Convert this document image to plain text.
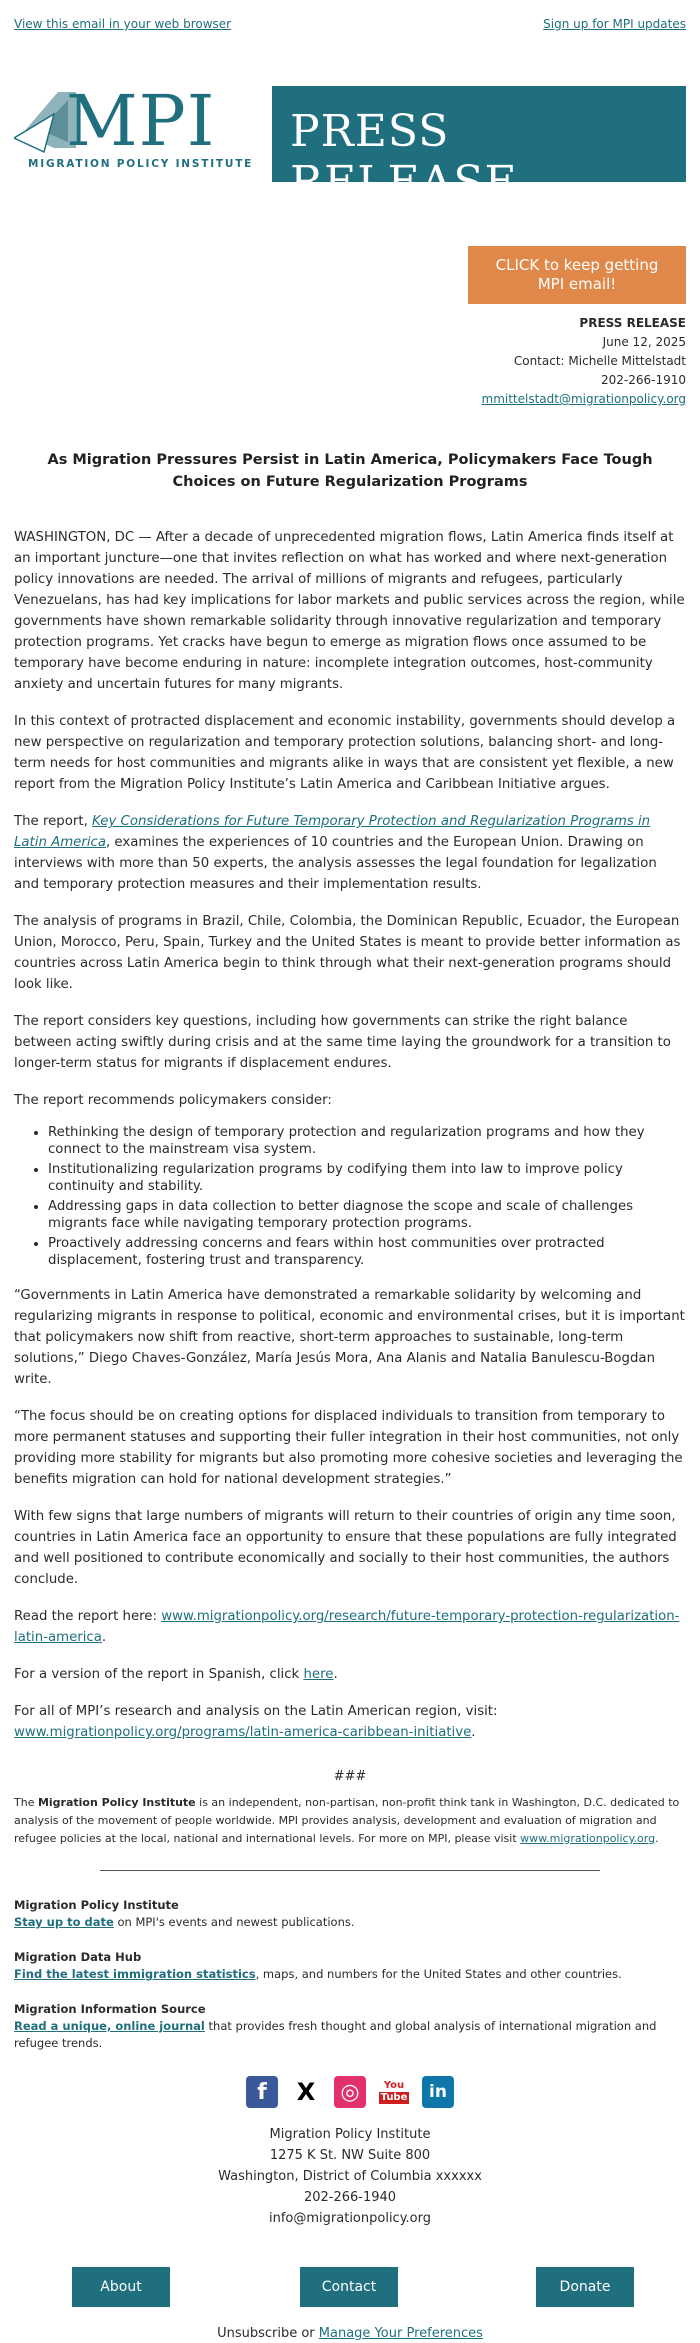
View this email in your web browser	Sign up for MPI updates
MPI
MIGRATION POLICY INSTITUTE
PRESS RELEASE
CLICK to keep getting
MPI email!
PRESS RELEASE
June 12, 2025
Contact: Michelle Mittelstadt
202-266-1910
mmittelstadt@migrationpolicy.org
As Migration Pressures Persist in Latin America, Policymakers Face Tough Choices on Future Regularization Programs

WASHINGTON, DC — After a decade of unprecedented migration flows, Latin America finds itself at an important juncture—one that invites reflection on what has worked and where next-generation policy innovations are needed. The arrival of millions of migrants and refugees, particularly Venezuelans, has had key implications for labor markets and public services across the region, while governments have shown remarkable solidarity through innovative regularization and temporary protection programs. Yet cracks have begun to emerge as migration flows once assumed to be temporary have become enduring in nature: incomplete integration outcomes, host-community anxiety and uncertain futures for many migrants.

In this context of protracted displacement and economic instability, governments should develop a new perspective on regularization and temporary protection solutions, balancing short- and long-term needs for host communities and migrants alike in ways that are consistent yet flexible, a new report from the Migration Policy Institute’s Latin America and Caribbean Initiative argues.

The report, Key Considerations for Future Temporary Protection and Regularization Programs in Latin America, examines the experiences of 10 countries and the European Union. Drawing on interviews with more than 50 experts, the analysis assesses the legal foundation for legalization and temporary protection measures and their implementation results.

The analysis of programs in Brazil, Chile, Colombia, the Dominican Republic, Ecuador, the European Union, Morocco, Peru, Spain, Turkey and the United States is meant to provide better information as countries across Latin America begin to think through what their next-generation programs should look like.

The report considers key questions, including how governments can strike the right balance between acting swiftly during crisis and at the same time laying the groundwork for a transition to longer-term status for migrants if displacement endures.

The report recommends policymakers consider:

• Rethinking the design of temporary protection and regularization programs and how they connect to the mainstream visa system.
• Institutionalizing regularization programs by codifying them into law to improve policy continuity and stability.
• Addressing gaps in data collection to better diagnose the scope and scale of challenges migrants face while navigating temporary protection programs.
• Proactively addressing concerns and fears within host communities over protracted displacement, fostering trust and transparency.

“Governments in Latin America have demonstrated a remarkable solidarity by welcoming and regularizing migrants in response to political, economic and environmental crises, but it is important that policymakers now shift from reactive, short-term approaches to sustainable, long-term solutions,” Diego Chaves-González, María Jesús Mora, Ana Alanis and Natalia Banulescu-Bogdan write.

“The focus should be on creating options for displaced individuals to transition from temporary to more permanent statuses and supporting their fuller integration in their host communities, not only providing more stability for migrants but also promoting more cohesive societies and leveraging the benefits migration can hold for national development strategies.”

With few signs that large numbers of migrants will return to their countries of origin any time soon, countries in Latin America face an opportunity to ensure that these populations are fully integrated and well positioned to contribute economically and socially to their host communities, the authors conclude.

Read the report here: www.migrationpolicy.org/research/future-temporary-protection-regularization-latin-america.

For a version of the report in Spanish, click here.

For all of MPI’s research and analysis on the Latin American region, visit: www.migrationpolicy.org/programs/latin-america-caribbean-initiative.

###
The Migration Policy Institute is an independent, non-partisan, non-profit think tank in Washington, D.C. dedicated to analysis of the movement of people worldwide. MPI provides analysis, development and evaluation of migration and refugee policies at the local, national and international levels. For more on MPI, please visit www.migrationpolicy.org.
Migration Policy Institute
Stay up to date on MPI's events and newest publications.
Migration Data Hub
Find the latest immigration statistics, maps, and numbers for the United States and other countries.
Migration Information Source
Read a unique, online journal that provides fresh thought and global analysis of international migration and refugee trends.
f	X	◎	You
Tube	in
Migration Policy Institute
1275 K St. NW Suite 800
Washington, District of Columbia xxxxxx
202-266-1940
info@migrationpolicy.org
About	Contact	Donate
Unsubscribe or Manage Your Preferences
